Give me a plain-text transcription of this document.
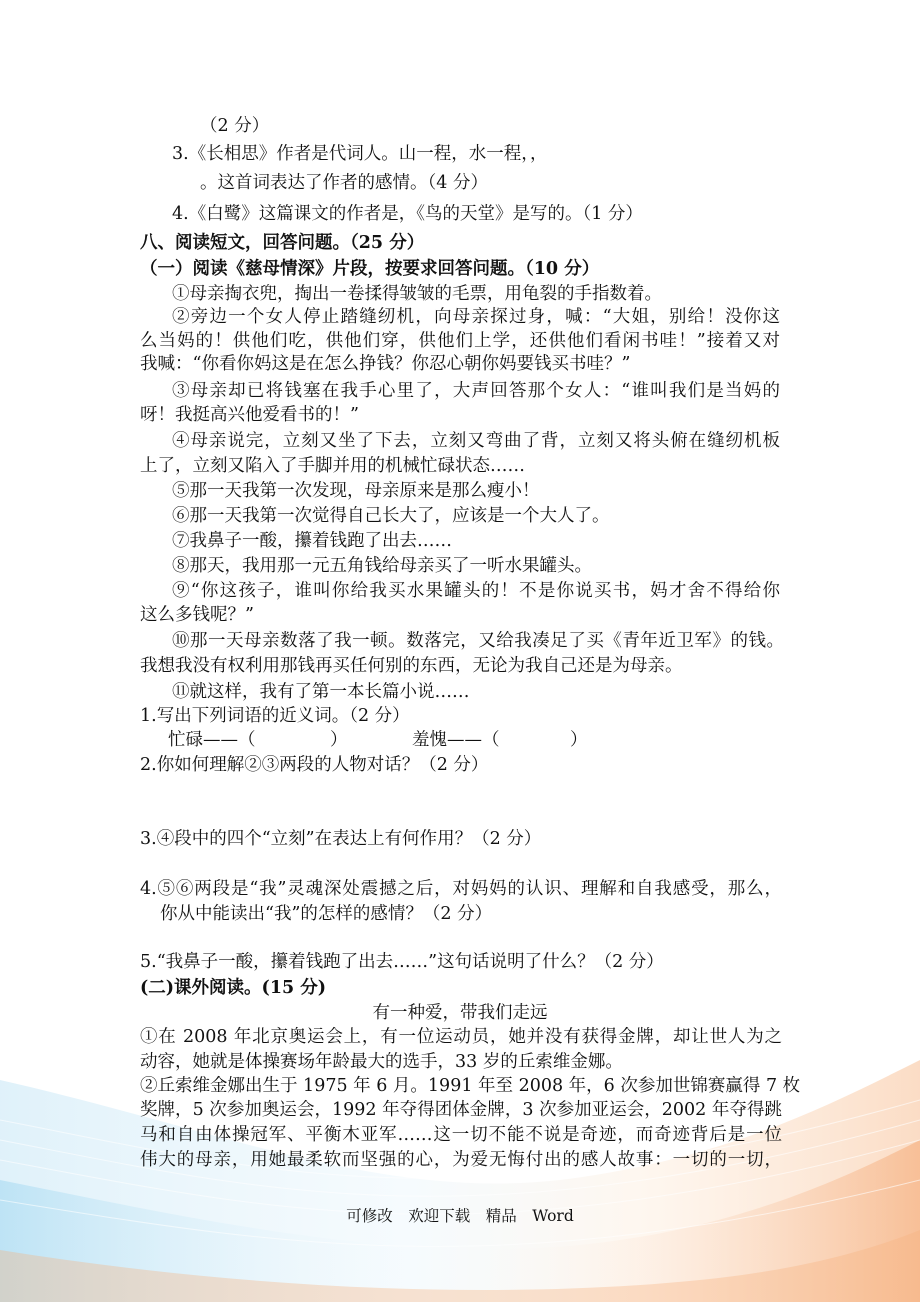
（2 分）
3.《长相思》作者是代词人。山一程，水一程，，
。这首词表达了作者的感情。（4 分）
4.《白鹭》这篇课文的作者是，《鸟的天堂》是写的。（1 分）
八、阅读短文，回答问题。（25 分）
（一）阅读《慈母情深》片段，按要求回答问题。（10 分）
①母亲掏衣兜，掏出一卷揉得皱皱的毛票，用龟裂的手指数着。
②旁边一个女人停止踏缝纫机，向母亲探过身，喊：“大姐，别给！没你这
么当妈的！供他们吃，供他们穿，供他们上学，还供他们看闲书哇！”接着又对
我喊：“你看你妈这是在怎么挣钱？你忍心朝你妈要钱买书哇？”
③母亲却已将钱塞在我手心里了，大声回答那个女人：“谁叫我们是当妈的
呀！我挺高兴他爱看书的！”
④母亲说完，立刻又坐了下去，立刻又弯曲了背，立刻又将头俯在缝纫机板
上了，立刻又陷入了手脚并用的机械忙碌状态……
⑤那一天我第一次发现，母亲原来是那么瘦小！
⑥那一天我第一次觉得自己长大了，应该是一个大人了。
⑦我鼻子一酸，攥着钱跑了出去……
⑧那天，我用那一元五角钱给母亲买了一听水果罐头。
⑨“你这孩子，谁叫你给我买水果罐头的！不是你说买书，妈才舍不得给你
这么多钱呢？”
⑩那一天母亲数落了我一顿。数落完，又给我凑足了买《青年近卫军》的钱。
我想我没有权利用那钱再买任何别的东西，无论为我自己还是为母亲。
⑪就这样，我有了第一本长篇小说……
1.写出下列词语的近义词。（2 分）
忙碌——（	）	羞愧——（	）
2.你如何理解②③两段的人物对话？（2 分）
3.④段中的四个“立刻”在表达上有何作用？（2 分）
4.⑤⑥两段是“我”灵魂深处震撼之后，对妈妈的认识、理解和自我感受，那么，
你从中能读出“我”的怎样的感情？（2 分）
5.“我鼻子一酸，攥着钱跑了出去……”这句话说明了什么？（2 分）
(二)课外阅读。(15 分)
有一种爱，带我们走远
①在 2008 年北京奥运会上，有一位运动员，她并没有获得金牌，却让世人为之
动容，她就是体操赛场年龄最大的选手，33 岁的丘索维金娜。
②丘索维金娜出生于 1975 年 6 月。1991 年至 2008 年，6 次参加世锦赛赢得 7 枚
奖牌，5 次参加奥运会，1992 年夺得团体金牌，3 次参加亚运会，2002 年夺得跳
马和自由体操冠军、平衡木亚军……这一切不能不说是奇迹，而奇迹背后是一位
伟大的母亲，用她最柔软而坚强的心，为爱无悔付出的感人故事：一切的一切，
可修改　欢迎下载　精品　Word
